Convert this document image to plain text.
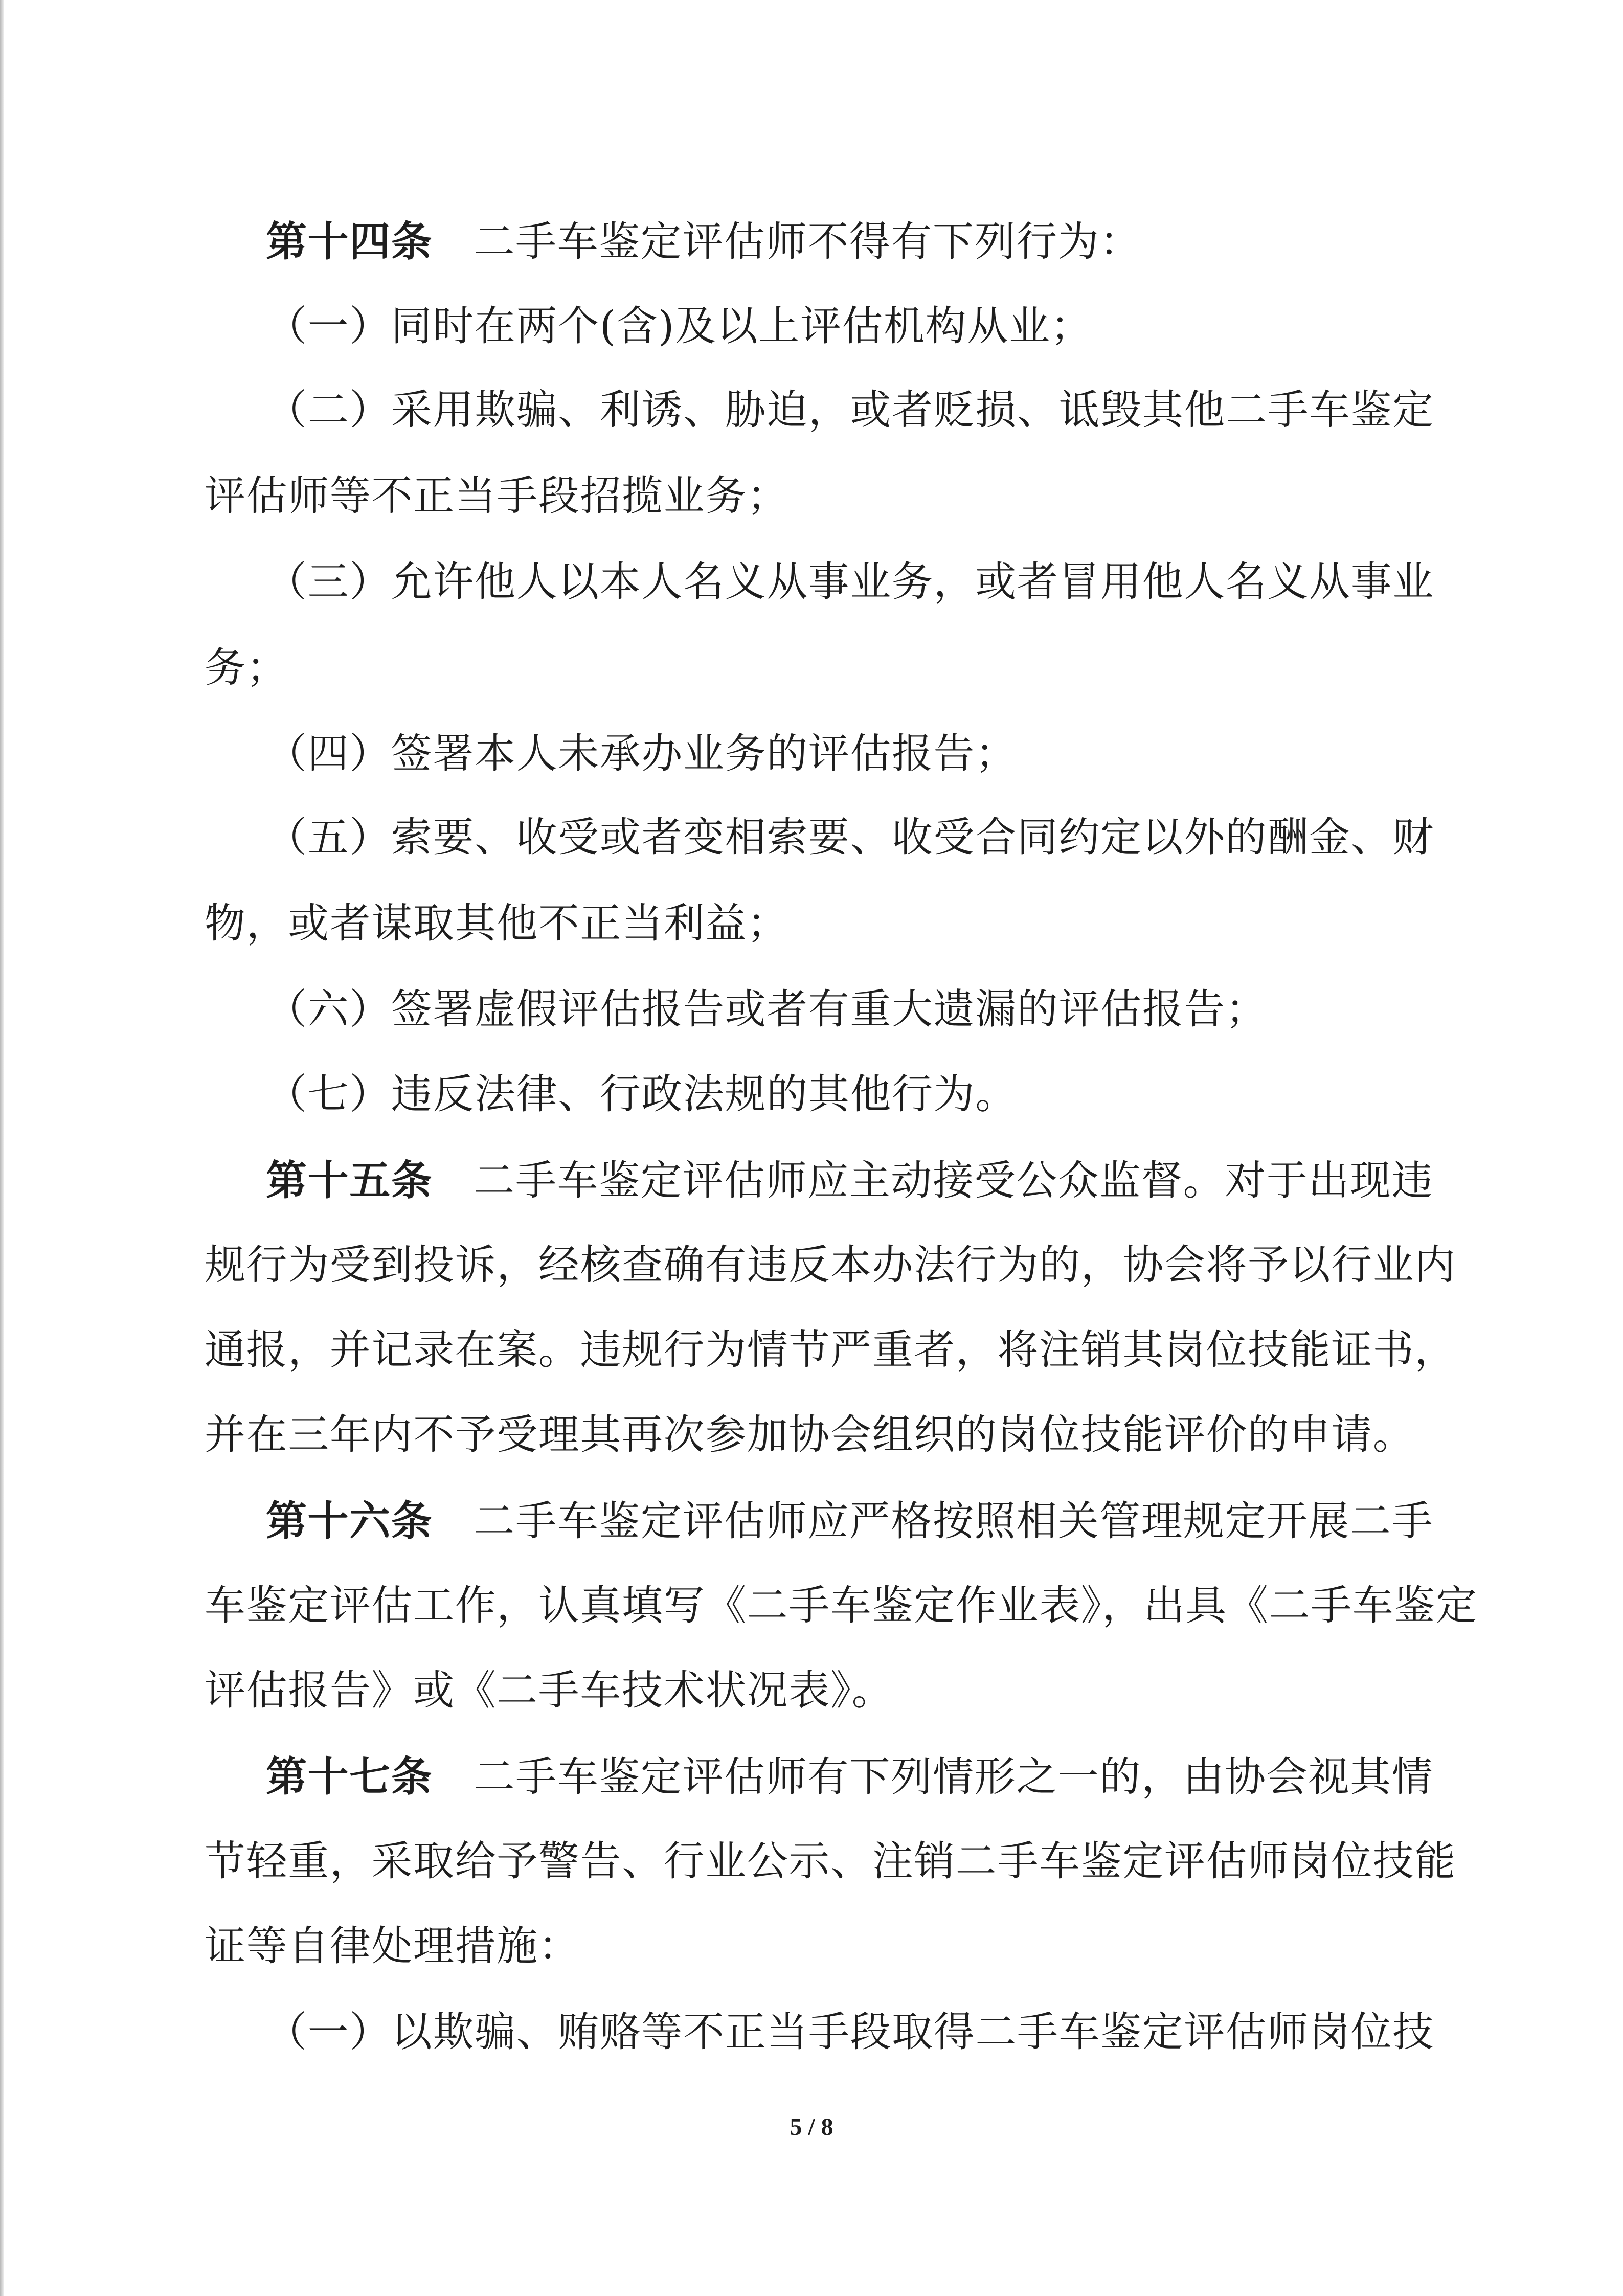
第十四条 二手车鉴定评估师不得有下列行为：

（一）同时在两个(含)及以上评估机构从业；

（二）采用欺骗、利诱、胁迫，或者贬损、诋毁其他二手车鉴定

评估师等不正当手段招揽业务；

（三）允许他人以本人名义从事业务，或者冒用他人名义从事业

务；

（四）签署本人未承办业务的评估报告；

（五）索要、收受或者变相索要、收受合同约定以外的酬金、财

物，或者谋取其他不正当利益；

（六）签署虚假评估报告或者有重大遗漏的评估报告；

（七）违反法律、行政法规的其他行为。

第十五条 二手车鉴定评估师应主动接受公众监督。对于出现违

规行为受到投诉，经核查确有违反本办法行为的，协会将予以行业内

通报，并记录在案。违规行为情节严重者，将注销其岗位技能证书，

并在三年内不予受理其再次参加协会组织的岗位技能评价的申请。

第十六条 二手车鉴定评估师应严格按照相关管理规定开展二手

车鉴定评估工作，认真填写《二手车鉴定作业表》，出具《二手车鉴定

评估报告》或《二手车技术状况表》。

第十七条 二手车鉴定评估师有下列情形之一的，由协会视其情

节轻重，采取给予警告、行业公示、注销二手车鉴定评估师岗位技能

证等自律处理措施：

（一）以欺骗、贿赂等不正当手段取得二手车鉴定评估师岗位技

5 / 8
